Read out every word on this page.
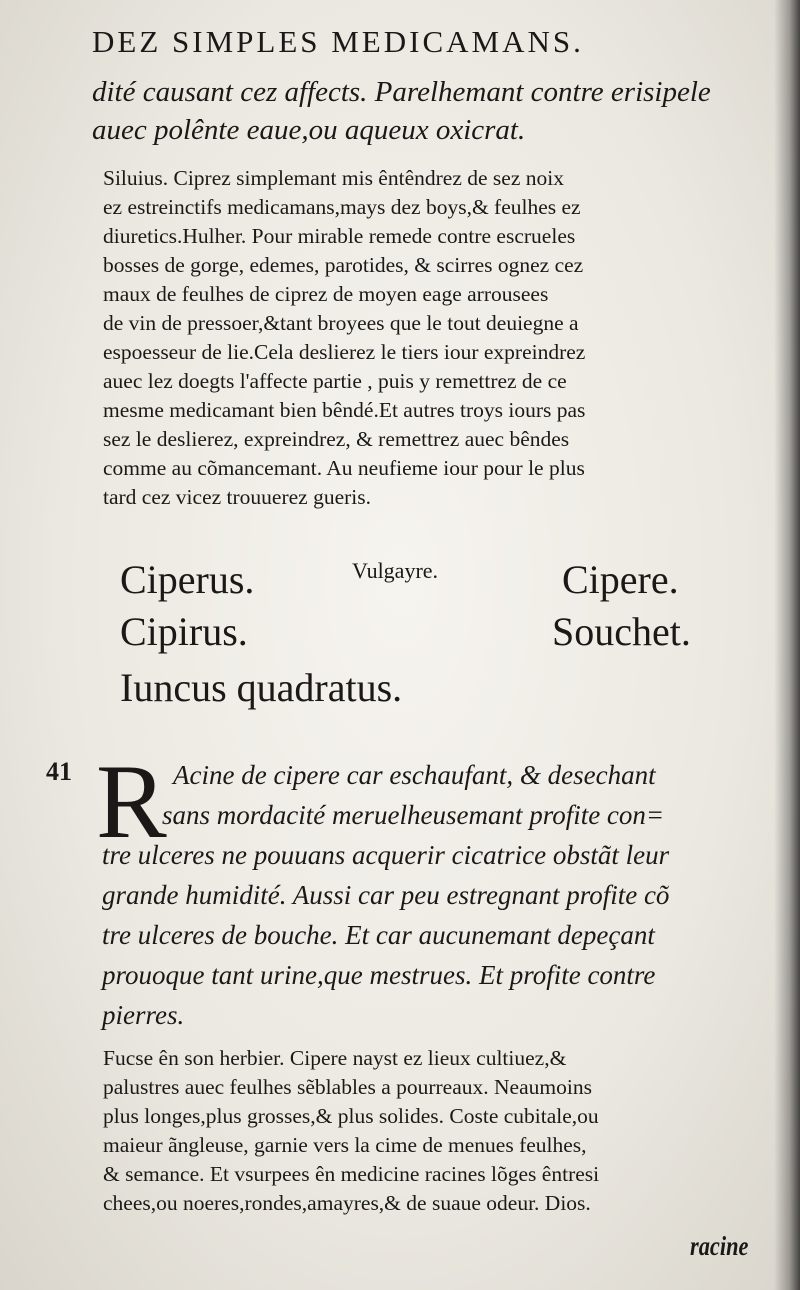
DEZ SIMPLES MEDICAMANS.
dité causant cez affects. Parelhemant contre erisipele
auec polênte eaue,ou aqueux oxicrat.
Siluius. Ciprez simplemant mis êntêndrez de sez noix
ez estreinctifs medicamans,mays dez boys,& feulhes ez
diuretics.Hulher. Pour mirable remede contre escrueles
bosses de gorge, edemes, parotides, & scirres ognez cez
maux de feulhes de ciprez de moyen eage arrousees
de vin de pressoer,&tant broyees que le tout deuiegne a
espoesseur de lie.Cela deslierez le tiers iour expreindrez
auec lez doegts l'affecte partie , puis y remettrez de ce
mesme medicamant bien bêndé.Et autres troys iours pas
sez le deslierez, expreindrez, & remettrez auec bêndes
comme au cõmancemant. Au neufieme iour pour le plus
tard cez vicez trouuerez gueris.
Ciperus.
Cipirus.
Iuncus quadratus.
Vulgayre.	Cipere.
Souchet.
41 R Acine de cipere car eschaufant, & desechant
sans mordacité meruelheusemant profite con=
tre ulceres ne pouuans acquerir cicatrice obstãt leur
grande humidité. Aussi car peu estregnant profite cõ
tre ulceres de bouche. Et car aucunemant depeçant
prouoque tant urine,que mestrues. Et profite contre
pierres.
Fucse ên son herbier. Cipere nayst ez lieux cultiuez,&
palustres auec feulhes sẽblables a pourreaux. Neaumoins
plus longes,plus grosses,& plus solides. Coste cubitale,ou
maieur ãngleuse, garnie vers la cime de menues feulhes,
& semance. Et vsurpees ên medicine racines lõges êntresi
chees,ou noeres,rondes,amayres,& de suaue odeur. Dios.
racine
